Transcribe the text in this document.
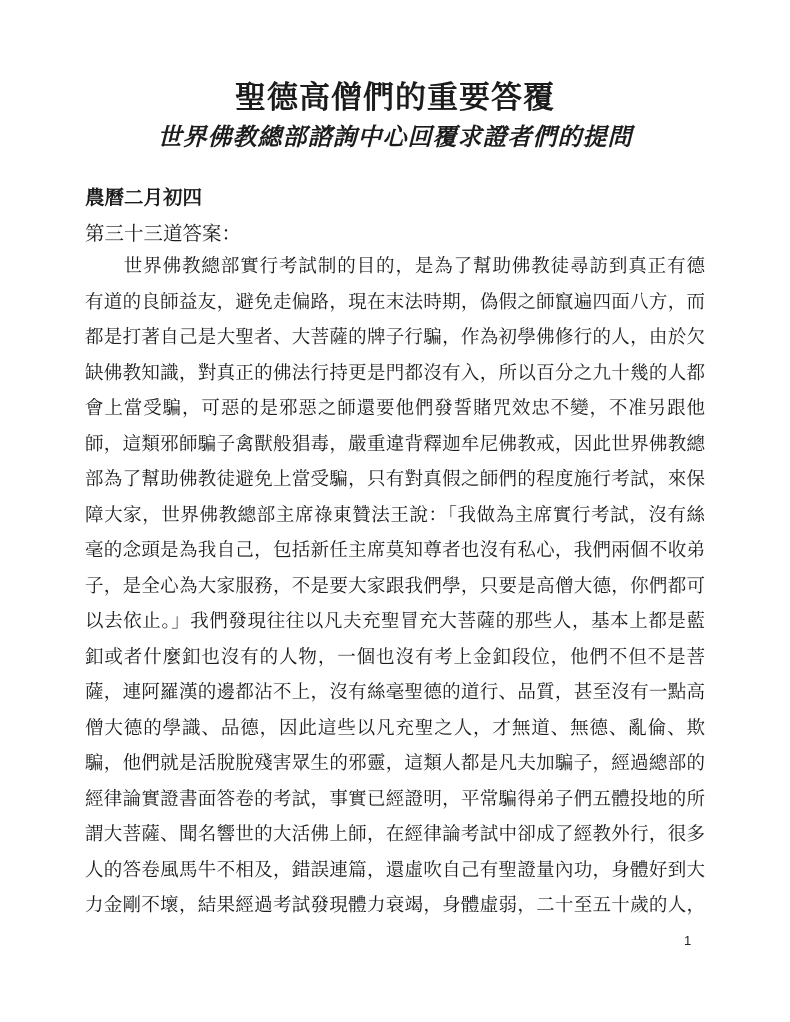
聖德高僧們的重要答覆
世界佛教總部諮詢中心回覆求證者們的提問
農曆二月初四
第三十三道答案：
　　世界佛教總部實行考試制的目的，是為了幫助佛教徒尋訪到真正有德
有道的良師益友，避免走偏路，現在末法時期，偽假之師竄遍四面八方，而
都是打著自己是大聖者、大菩薩的牌子行騙，作為初學佛修行的人，由於欠
缺佛教知識，對真正的佛法行持更是門都沒有入，所以百分之九十幾的人都
會上當受騙，可惡的是邪惡之師還要他們發誓賭咒效忠不變，不准另跟他
師，這類邪師騙子禽獸般猖毒，嚴重違背釋迦牟尼佛教戒，因此世界佛教總
部為了幫助佛教徒避免上當受騙，只有對真假之師們的程度施行考試，來保
障大家，世界佛教總部主席祿東贊法王說：「我做為主席實行考試，沒有絲
毫的念頭是為我自己，包括新任主席莫知尊者也沒有私心，我們兩個不收弟
子，是全心為大家服務，不是要大家跟我們學，只要是高僧大德，你們都可
以去依止。」我們發現往往以凡夫充聖冒充大菩薩的那些人，基本上都是藍
釦或者什麼釦也沒有的人物，一個也沒有考上金釦段位，他們不但不是菩
薩，連阿羅漢的邊都沾不上，沒有絲毫聖德的道行、品質，甚至沒有一點高
僧大德的學識、品德，因此這些以凡充聖之人，才無道、無德、亂倫、欺
騙，他們就是活脫脫殘害眾生的邪靈，這類人都是凡夫加騙子，經過總部的
經律論實證書面答卷的考試，事實已經證明，平常騙得弟子們五體投地的所
謂大菩薩、聞名響世的大活佛上師，在經律論考試中卻成了經教外行，很多
人的答卷風馬牛不相及，錯誤連篇，還虛吹自己有聖證量內功，身體好到大
力金剛不壞，結果經過考試發現體力衰竭，身體虛弱，二十至五十歲的人，
1
